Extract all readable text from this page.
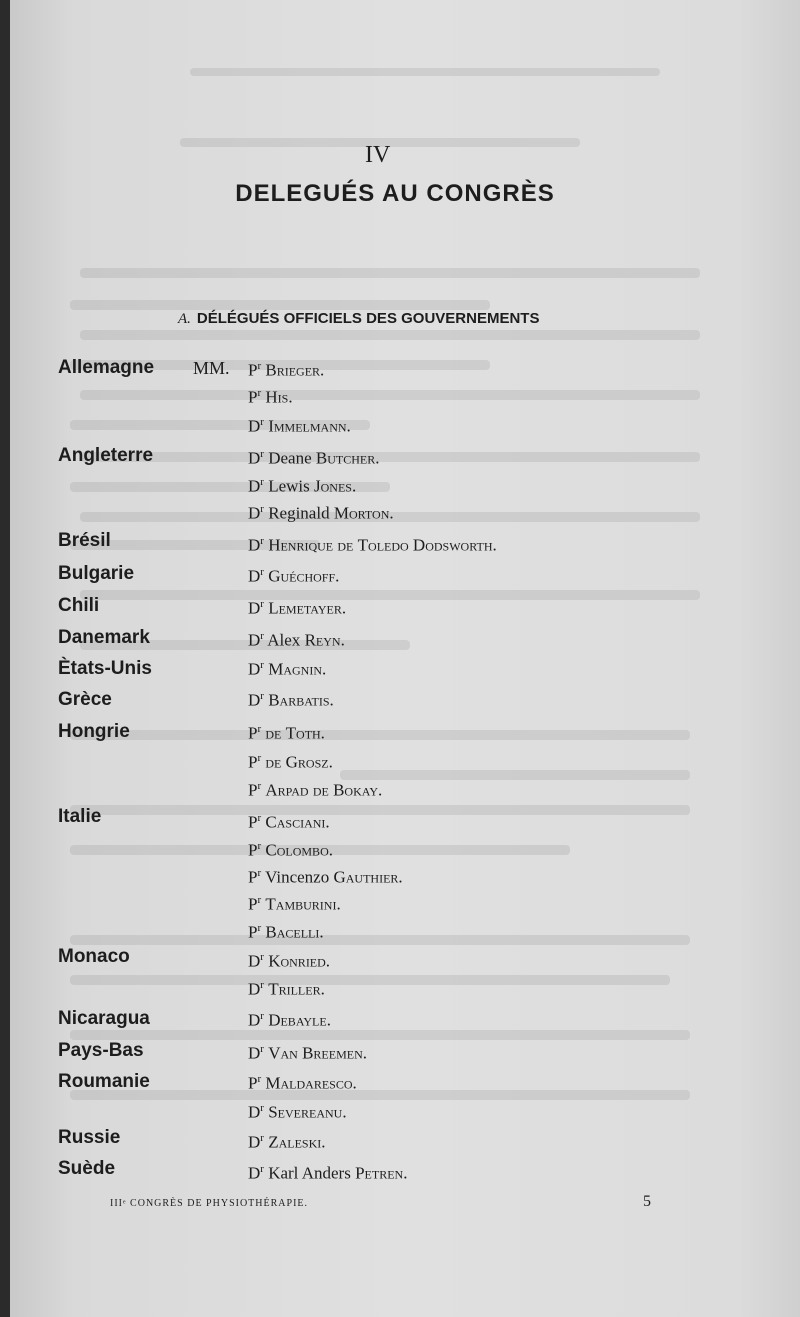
IV
DELEGUÉS AU CONGRÈS
A. DÉLÉGUÉS OFFICIELS DES GOUVERNEMENTS
MM.
Allemagne
Angleterre
Brésil
Bulgarie
Chili
Danemark
Ètats-Unis
Grèce
Hongrie
Italie
Monaco
Nicaragua
Pays-Bas
Roumanie
Russie
Suède
$P^r$ Brieger.
$P^r$ His.
$D^r$ Immelmann.
$D^r$ Deane Butcher.
$D^r$ Lewis Jones.
$D^r$ Reginald Morton.
$D^r$ Henrique de Toledo Dodsworth.
$D^r$ Guéchoff.
$D^r$ Lemetayer.
$D^r$ Alex Reyn.
$D^r$ Magnin.
$D^r$ Barbatis.
$P^r$ de Toth.
$P^r$ de Grosz.
$P^r$ Arpad de Bokay.
$P^r$ Casciani.
$P^r$ Colombo.
$P^r$ Vincenzo Gauthier.
$P^r$ Tamburini.
$P^r$ Bacelli.
$D^r$ Konried.
$D^r$ Triller.
$D^r$ Debayle.
$D^r$ Van Breemen.
$P^r$ Maldaresco.
$D^r$ Severeanu.
$D^r$ Zaleski.
$D^r$ Karl Anders Petren.
IIIᵉ CONGRÈS DE PHYSIOTHÉRAPIE.	5
